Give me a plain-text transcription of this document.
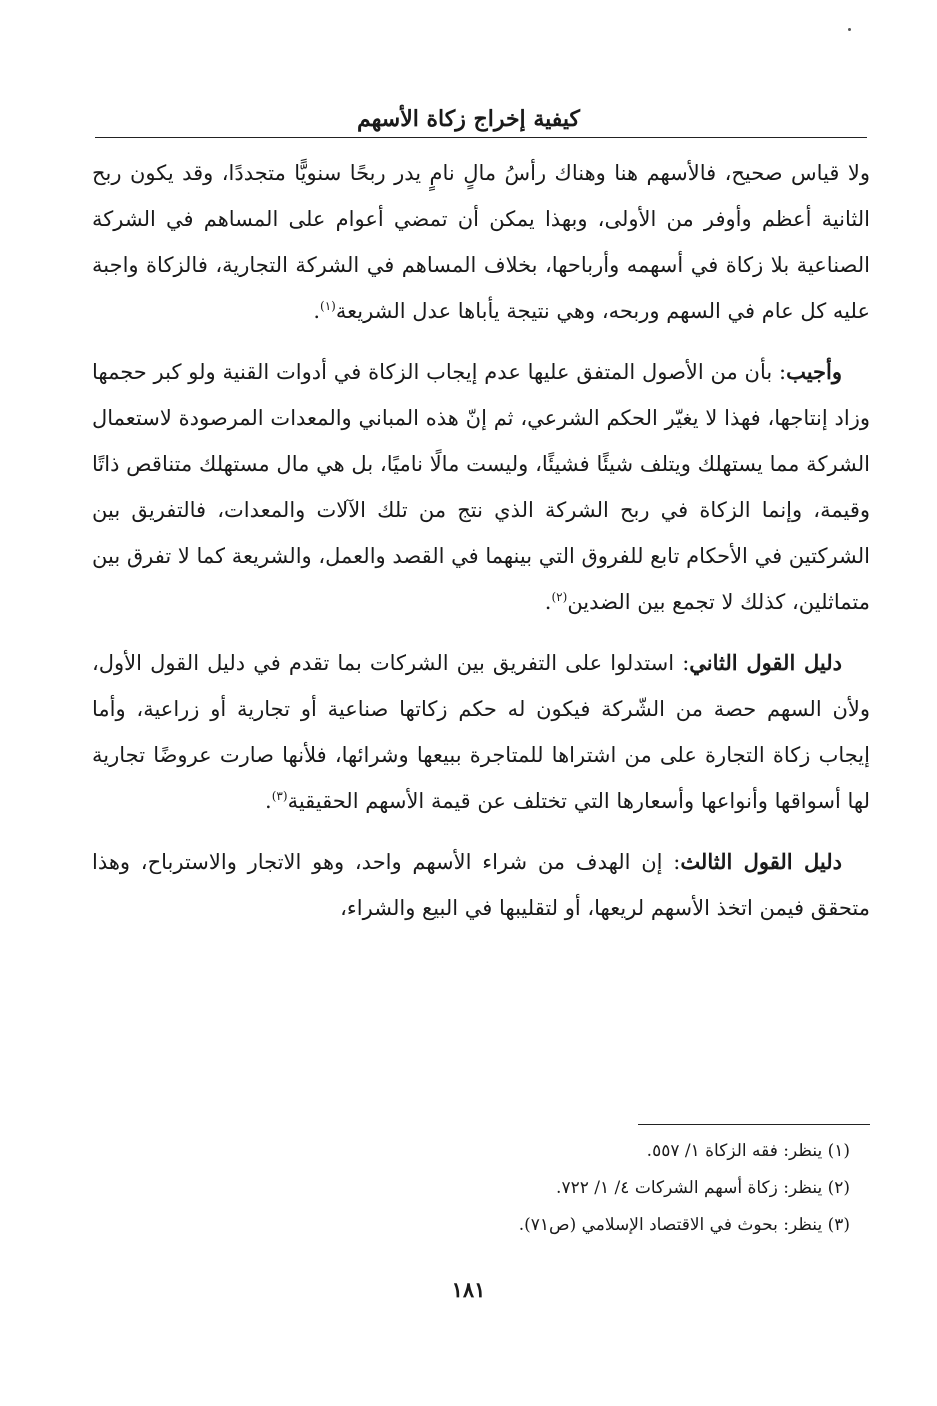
كيفية إخراج زكاة الأسهم

ولا قياس صحيح، فالأسهم هنا وهناك رأسُ مالٍ نامٍ يدر ربحًا سنويًّا متجددًا، وقد يكون ربح الثانية أعظم وأوفر من الأولى، وبهذا يمكن أن تمضي أعوام على المساهم في الشركة الصناعية بلا زكاة في أسهمه وأرباحها، بخلاف المساهم في الشركة التجارية، فالزكاة واجبة عليه كل عام في السهم وربحه، وهي نتيجة يأباها عدل الشريعة$^{(١)}$.

وأجيب: بأن من الأصول المتفق عليها عدم إيجاب الزكاة في أدوات القنية ولو كبر حجمها وزاد إنتاجها، فهذا لا يغيّر الحكم الشرعي، ثم إنّ هذه المباني والمعدات المرصودة لاستعمال الشركة مما يستهلك ويتلف شيئًا فشيئًا، وليست مالًا ناميًا، بل هي مال مستهلك متناقص ذاتًا وقيمة، وإنما الزكاة في ربح الشركة الذي نتج من تلك الآلات والمعدات، فالتفريق بين الشركتين في الأحكام تابع للفروق التي بينهما في القصد والعمل، والشريعة كما لا تفرق بين متماثلين، كذلك لا تجمع بين الضدين$^{(٢)}$.

دليل القول الثاني: استدلوا على التفريق بين الشركات بما تقدم في دليل القول الأول، ولأن السهم حصة من الشّركة فيكون له حكم زكاتها صناعية أو تجارية أو زراعية، وأما إيجاب زكاة التجارة على من اشتراها للمتاجرة ببيعها وشرائها، فلأنها صارت عروضًا تجارية لها أسواقها وأنواعها وأسعارها التي تختلف عن قيمة الأسهم الحقيقية$^{(٣)}$.

دليل القول الثالث: إن الهدف من شراء الأسهم واحد، وهو الاتجار والاسترباح، وهذا متحقق فيمن اتخذ الأسهم لريعها، أو لتقليبها في البيع والشراء،

(١) ينظر: فقه الزكاة ١/ ٥٥٧.
(٢) ينظر: زكاة أسهم الشركات ٤/ ١/ ٧٢٢.
(٣) ينظر: بحوث في الاقتصاد الإسلامي (ص٧١).
١٨١
